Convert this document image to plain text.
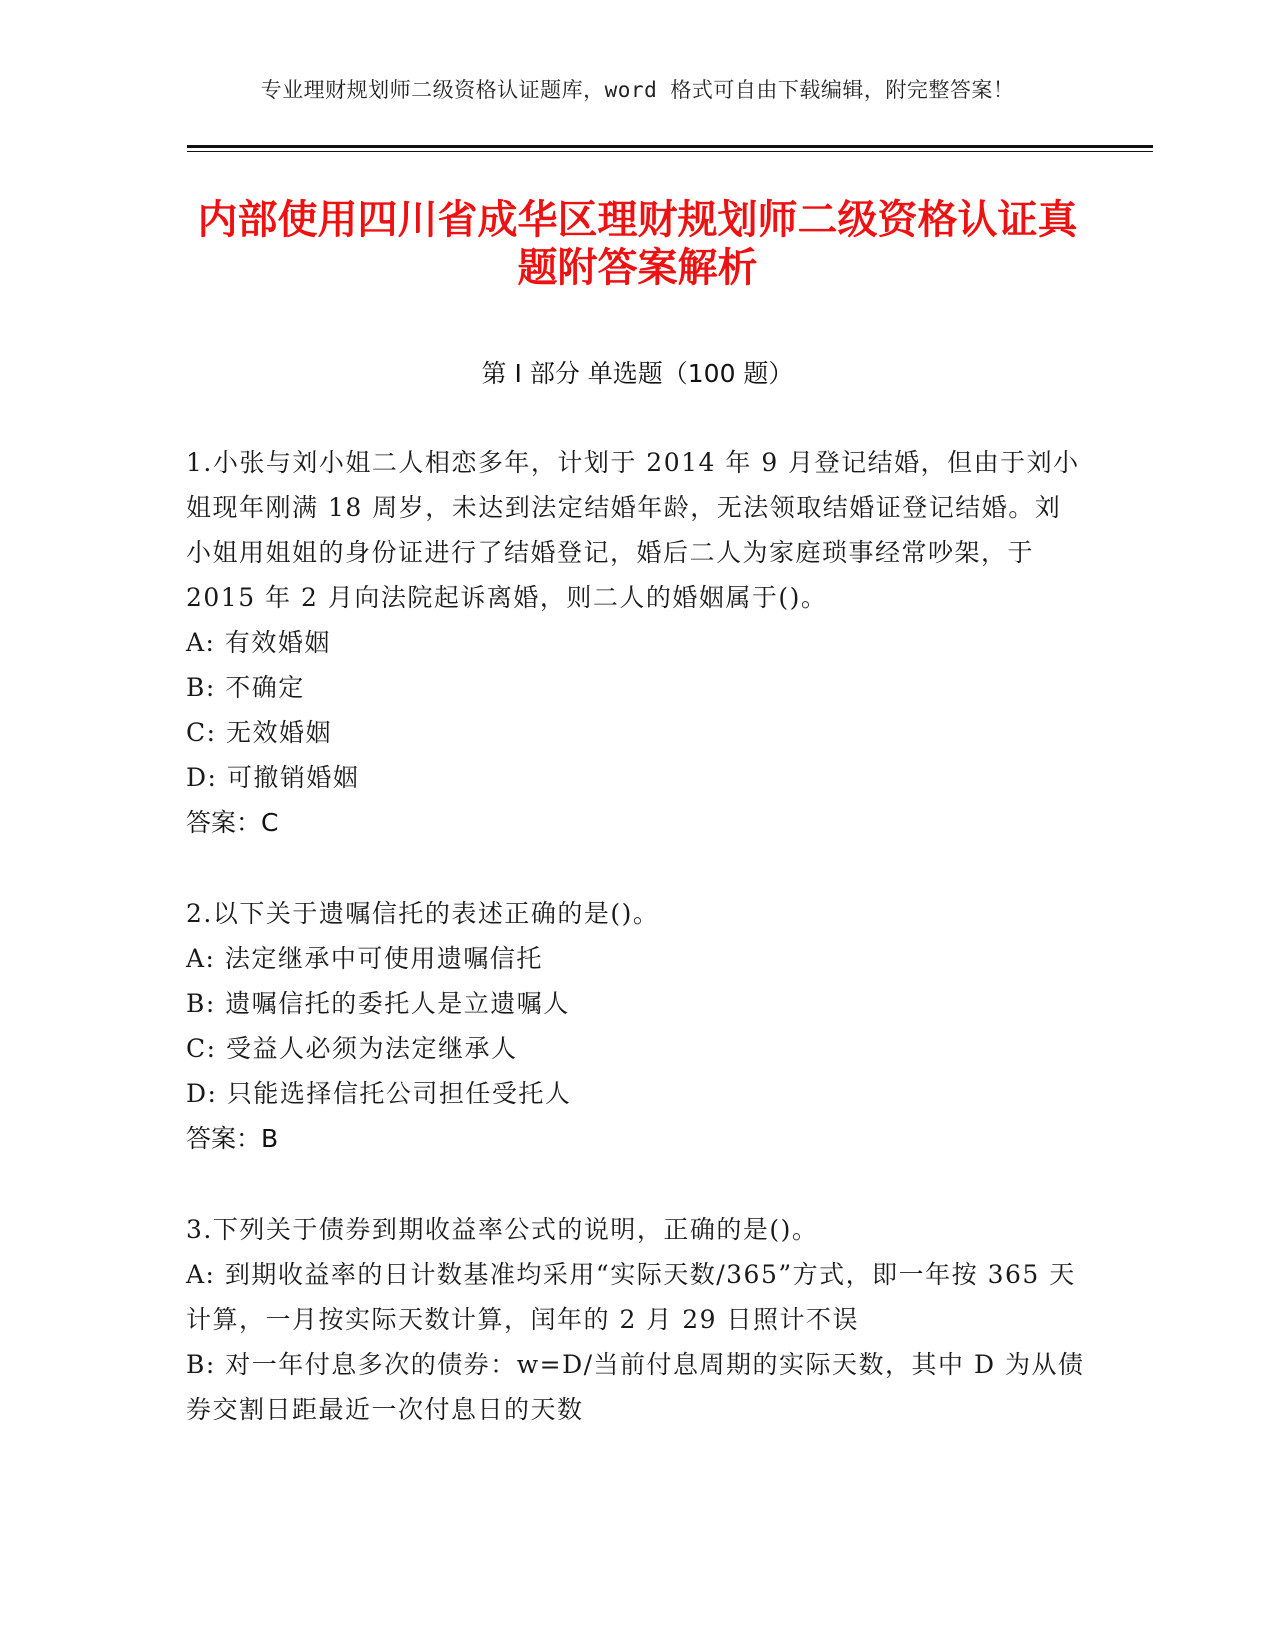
专业理财规划师二级资格认证题库，word 格式可自由下载编辑，附完整答案！
内部使用四川省成华区理财规划师二级资格认证真题附答案解析
第 I 部分 单选题（100 题）
1.小张与刘小姐二人相恋多年，计划于 2014 年 9 月登记结婚，但由于刘小姐现年刚满 18 周岁，未达到法定结婚年龄，无法领取结婚证登记结婚。刘小姐用姐姐的身份证进行了结婚登记，婚后二人为家庭琐事经常吵架，于 2015 年 2 月向法院起诉离婚，则二人的婚姻属于()。
A: 有效婚姻
B: 不确定
C: 无效婚姻
D: 可撤销婚姻
答案：C
2.以下关于遗嘱信托的表述正确的是()。
A: 法定继承中可使用遗嘱信托
B: 遗嘱信托的委托人是立遗嘱人
C: 受益人必须为法定继承人
D: 只能选择信托公司担任受托人
答案：B
3.下列关于债券到期收益率公式的说明，正确的是()。
A: 到期收益率的日计数基准均采用“实际天数/365”方式，即一年按 365 天计算，一月按实际天数计算，闰年的 2 月 29 日照计不误
B: 对一年付息多次的债券：w=D/当前付息周期的实际天数，其中 D 为从债券交割日距最近一次付息日的天数
